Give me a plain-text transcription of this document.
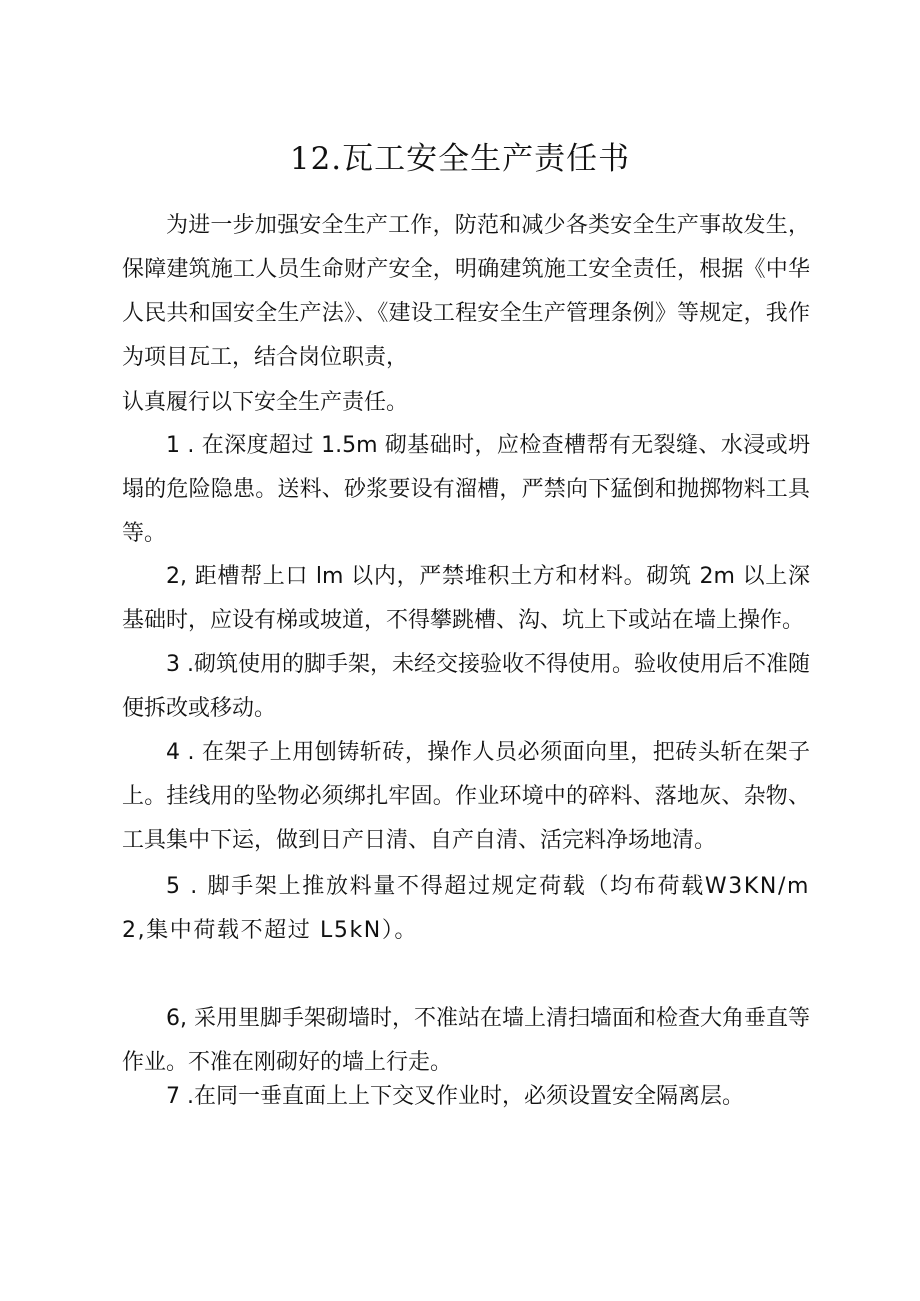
12.瓦工安全生产责任书

为进一步加强安全生产工作，防范和减少各类安全生产事故发生，保障建筑施工人员生命财产安全，明确建筑施工安全责任，根据《中华人民共和国安全生产法》、《建设工程安全生产管理条例》等规定，我作为项目瓦工，结合岗位职责，

认真履行以下安全生产责任。

1 . 在深度超过 1.5m 砌基础时，应检查槽帮有无裂缝、水浸或坍塌的危险隐患。送料、砂浆要设有溜槽，严禁向下猛倒和抛掷物料工具等。

2, 距槽帮上口 lm 以内，严禁堆积土方和材料。砌筑 2m 以上深基础时，应设有梯或坡道，不得攀跳槽、沟、坑上下或站在墙上操作。

3 .砌筑使用的脚手架，未经交接验收不得使用。验收使用后不准随便拆改或移动。

4 . 在架子上用刨铸斩砖，操作人员必须面向里，把砖头斩在架子上。挂线用的坠物必须绑扎牢固。作业环境中的碎料、落地灰、杂物、工具集中下运，做到日产日清、自产自清、活完料净场地清。

5 . 脚手架上推放料量不得超过规定荷载（均布荷载W3KN/m2,集中荷载不超过 L5kN）。

6, 采用里脚手架砌墙时，不准站在墙上清扫墙面和检查大角垂直等作业。不准在刚砌好的墙上行走。

7 .在同一垂直面上上下交叉作业时，必须设置安全隔离层。
